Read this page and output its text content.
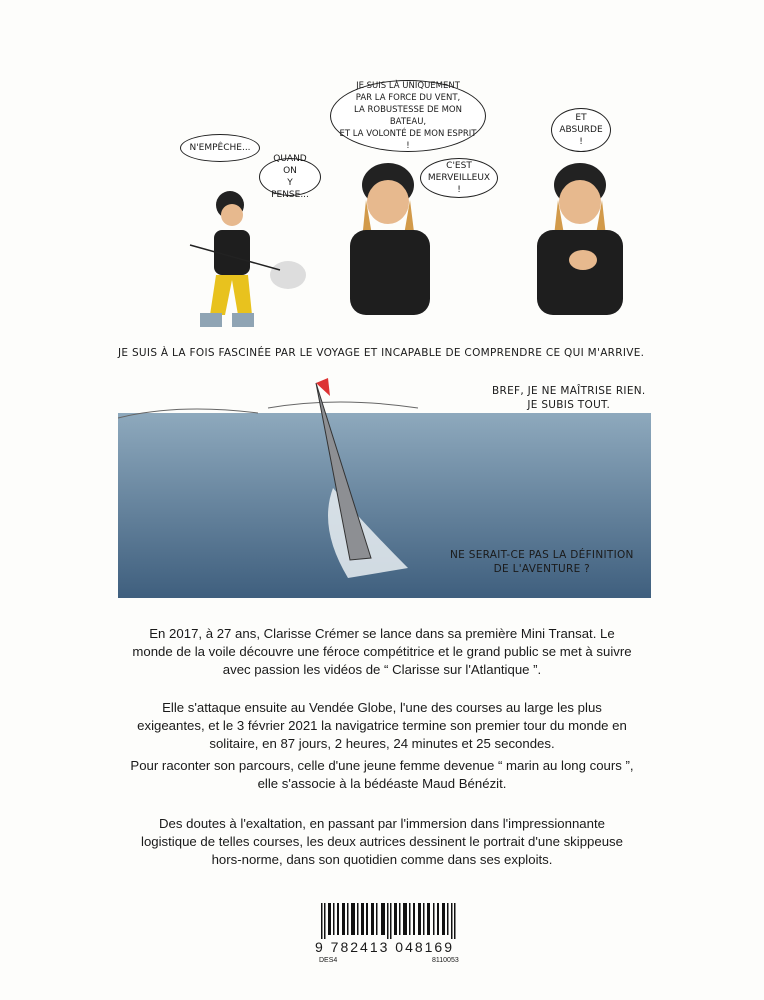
N'EMPÊCHE...
QUAND ON
Y PENSE...
JE SUIS LÀ UNIQUEMENT
PAR LA FORCE DU VENT,
LA ROBUSTESSE DE MON BATEAU,
ET LA VOLONTÉ DE MON ESPRIT !
C'EST
MERVEILLEUX !
ET
ABSURDE !
JE SUIS À LA FOIS FASCINÉE PAR LE VOYAGE ET INCAPABLE DE COMPRENDRE CE QUI M'ARRIVE.
BREF, JE NE MAÎTRISE RIEN.
JE SUBIS TOUT.
NE SERAIT-CE PAS LA DÉFINITION
DE L'AVENTURE ?

En 2017, à 27 ans, Clarisse Crémer se lance dans sa première Mini Transat. Le monde de la voile découvre une féroce compétitrice et le grand public se met à suivre avec passion les vidéos de “ Clarisse sur l'Atlantique ”.

Elle s'attaque ensuite au Vendée Globe, l'une des courses au large les plus exigeantes, et le 3 février 2021 la navigatrice termine son premier tour du monde en solitaire, en 87 jours, 2 heures, 24 minutes et 25 secondes.

Pour raconter son parcours, celle d'une jeune femme devenue “ marin au long cours ”, elle s'associe à la bédéaste Maud Bénézit.

Des doutes à l'exaltation, en passant par l'immersion dans l'impressionnante logistique de telles courses, les deux autrices dessinent le portrait d'une skippeuse hors-norme, dans son quotidien comme dans ses exploits.

9 782413 048169
DES4	8110053
